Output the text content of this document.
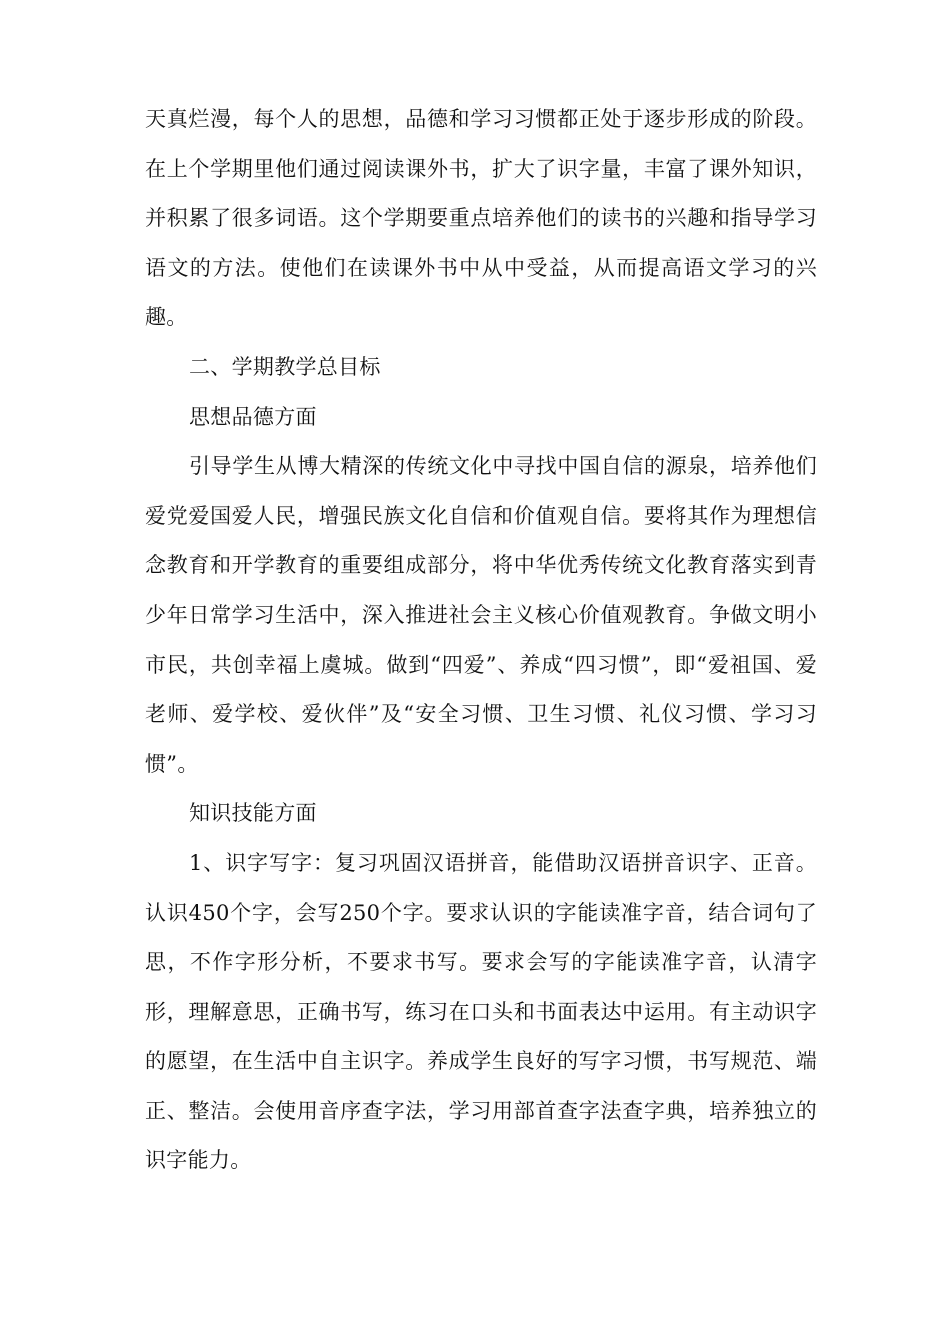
天真烂漫，每个人的思想，品德和学习习惯都正处于逐步形成的阶段。在上个学期里他们通过阅读课外书，扩大了识字量，丰富了课外知识，并积累了很多词语。这个学期要重点培养他们的读书的兴趣和指导学习语文的方法。使他们在读课外书中从中受益，从而提高语文学习的兴趣。

二、学期教学总目标

思想品德方面

引导学生从博大精深的传统文化中寻找中国自信的源泉，培养他们爱党爱国爱人民，增强民族文化自信和价值观自信。要将其作为理想信念教育和开学教育的重要组成部分，将中华优秀传统文化教育落实到青少年日常学习生活中，深入推进社会主义核心价值观教育。争做文明小市民，共创幸福上虞城。做到“四爱”、养成“四习惯”，即“爱祖国、爱老师、爱学校、爱伙伴”及“安全习惯、卫生习惯、礼仪习惯、学习习惯”。

知识技能方面

1、识字写字：复习巩固汉语拼音，能借助汉语拼音识字、正音。认识450个字，会写250个字。要求认识的字能读准字音，结合词句了思，不作字形分析，不要求书写。要求会写的字能读准字音，认清字形，理解意思，正确书写，练习在口头和书面表达中运用。有主动识字的愿望，在生活中自主识字。养成学生良好的写字习惯，书写规范、端正、整洁。会使用音序查字法，学习用部首查字法查字典，培养独立的识字能力。
